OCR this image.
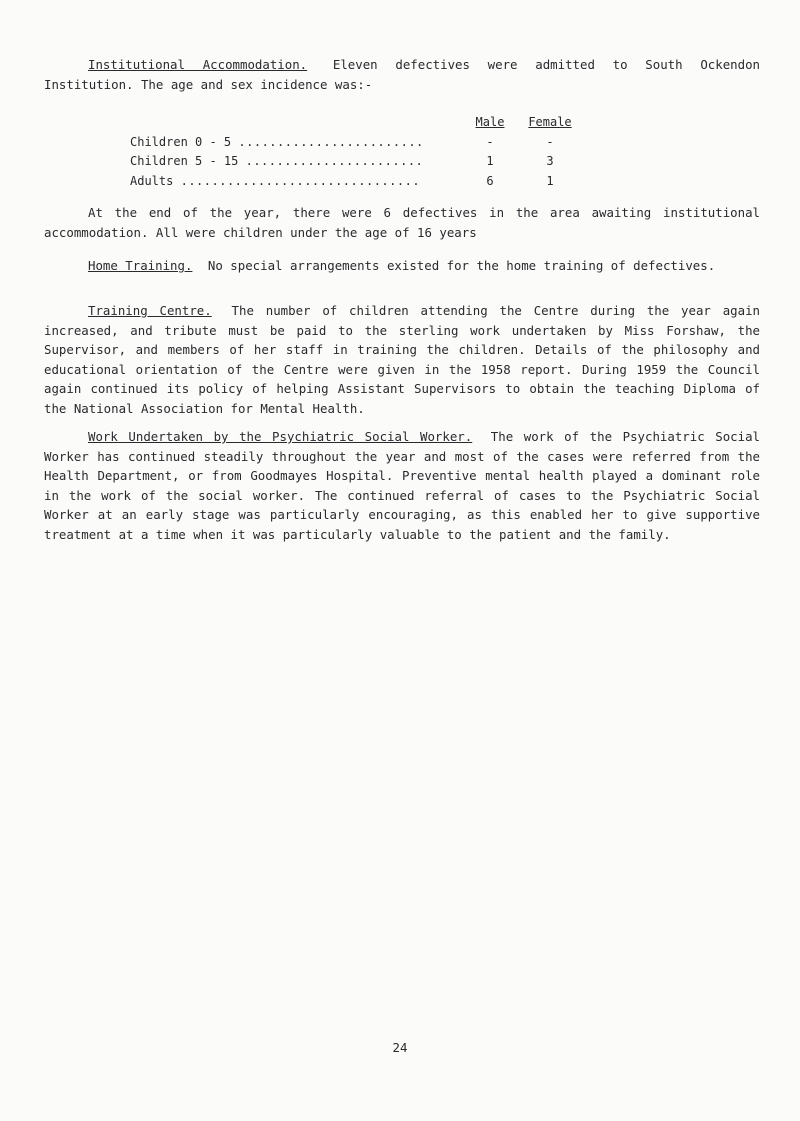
Institutional Accommodation. Eleven defectives were admitted to South Ockendon Institution. The age and sex incidence was:-

	Male	Female
Children 0 - 5 ........................	-	-
Children 5 - 15 .......................	1	3
Adults ...............................	6	1

At the end of the year, there were 6 defectives in the area awaiting institutional accommodation. All were children under the age of 16 years

Home Training. No special arrangements existed for the home training of defectives.

Training Centre. The number of children attending the Centre during the year again increased, and tribute must be paid to the sterling work undertaken by Miss Forshaw, the Supervisor, and members of her staff in training the children. Details of the philosophy and educational orientation of the Centre were given in the 1958 report. During 1959 the Council again continued its policy of helping Assistant Supervisors to obtain the teaching Diploma of the National Association for Mental Health.

Work Undertaken by the Psychiatric Social Worker. The work of the Psychiatric Social Worker has continued steadily throughout the year and most of the cases were referred from the Health Department, or from Goodmayes Hospital. Preventive mental health played a dominant role in the work of the social worker. The continued referral of cases to the Psychiatric Social Worker at an early stage was particularly encouraging, as this enabled her to give supportive treatment at a time when it was particularly valuable to the patient and the family.

24
